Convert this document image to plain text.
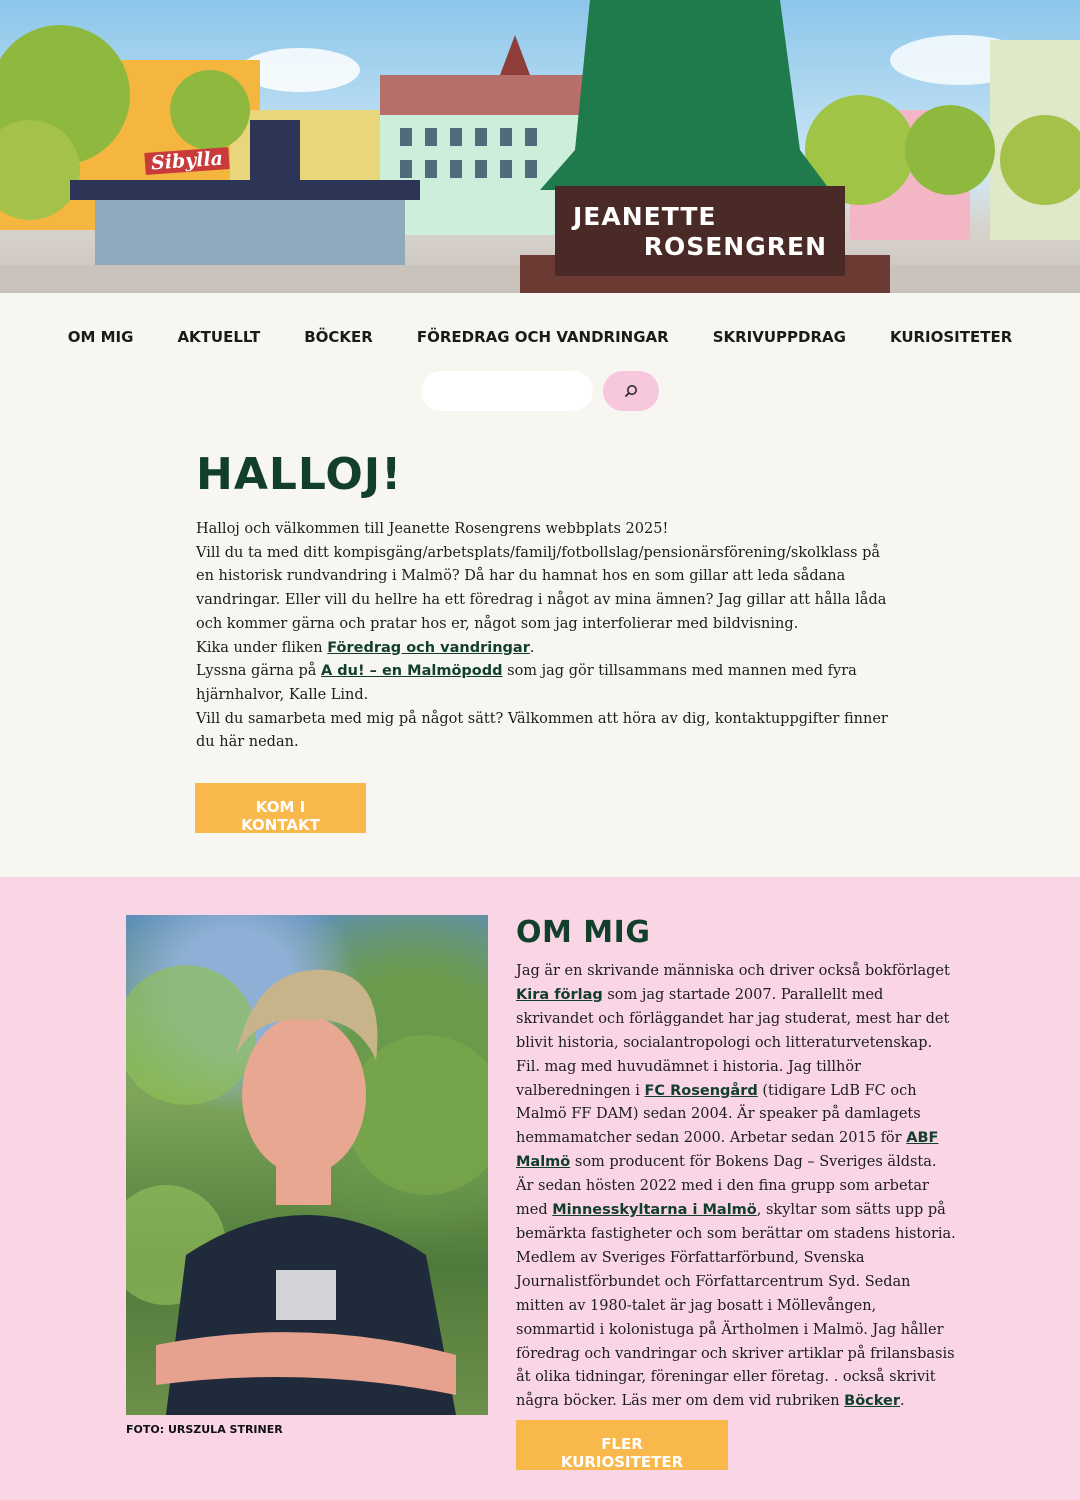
JEANETTE
ROSENGREN
Sibylla
OM MIG	AKTUELLT	BÖCKER	FÖREDRAG OCH VANDRINGAR	SKRIVUPPDRAG	KURIOSITETER
HALLOJ!

Halloj och välkommen till Jeanette Rosengrens webbplats 2025!
Vill du ta med ditt kompisgäng/arbetsplats/familj/fotbollslag/pensionärsförening/skolklass på en historisk rundvandring i Malmö? Då har du hamnat hos en som gillar att leda sådana vandringar. Eller vill du hellre ha ett föredrag i något av mina ämnen? Jag gillar att hålla låda och kommer gärna och pratar hos er, något som jag interfolierar med bildvisning.
Kika under fliken Föredrag och vandringar.
Lyssna gärna på A du! – en Malmöpodd som jag gör tillsammans med mannen med fyra hjärnhalvor, Kalle Lind.
Vill du samarbeta med mig på något sätt? Välkommen att höra av dig, kontaktuppgifter finner du här nedan.

KOM I KONTAKT
FOTO: URSZULA STRINER
OM MIG

Jag är en skrivande människa och driver också bokförlaget Kira förlag som jag startade 2007. Parallellt med skrivandet och förläggandet har jag studerat, mest har det blivit historia, socialantropologi och litteraturvetenskap. Fil. mag med huvudämnet i historia. Jag tillhör valberedningen i FC Rosengård (tidigare LdB FC och Malmö FF DAM) sedan 2004. Är speaker på damlagets hemmamatcher sedan 2000. Arbetar sedan 2015 för ABF Malmö som producent för Bokens Dag – Sveriges äldsta. Är sedan hösten 2022 med i den fina grupp som arbetar med Minnesskyltarna i Malmö, skyltar som sätts upp på bemärkta fastigheter och som berättar om stadens historia. Medlem av Sveriges Författarförbund, Svenska Journalistförbundet och Författarcentrum Syd. Sedan mitten av 1980-talet är jag bosatt i Möllevången, sommartid i kolonistuga på Ärtholmen i Malmö. Jag håller föredrag och vandringar och skriver artiklar på frilansbasis åt olika tidningar, föreningar eller företag. . också skrivit några böcker. Läs mer om dem vid rubriken Böcker.

FLER KURIOSITETER
